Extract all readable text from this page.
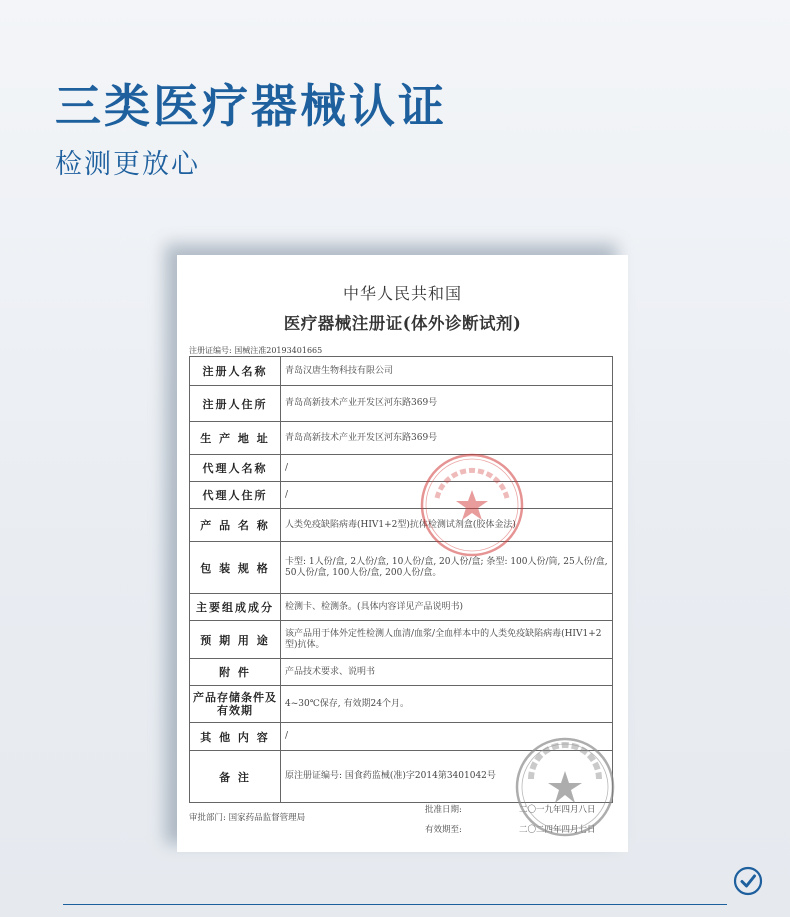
三类医疗器械认证
检测更放心
中华人民共和国
医疗器械注册证(体外诊断试剂)
注册证编号: 国械注准20193401665
注册人名称	青岛汉唐生物科技有限公司
注册人住所	青岛高新技术产业开发区河东路369号
生 产 地 址	青岛高新技术产业开发区河东路369号
代理人名称	/
代理人住所	/
产 品 名 称	人类免疫缺陷病毒(HIV1+2型)抗体检测试剂盒(胶体金法)
包 装 规 格	卡型: 1人份/盒, 2人份/盒, 10人份/盒, 20人份/盒; 条型: 100人份/筒, 25人份/盒, 50人份/盒, 100人份/盒, 200人份/盒。
主要组成成分	检测卡、检测条。(具体内容详见产品说明书)
预 期 用 途	该产品用于体外定性检测人血清/血浆/全血样本中的人类免疫缺陷病毒(HIV1+2型)抗体。
附 件	产品技术要求、说明书
产品存储条件及有效期	4~30℃保存, 有效期24个月。
其 他 内 容	/
备 注	原注册证编号: 国食药监械(准)字2014第3401042号
审批部门: 国家药品监督管理局
批准日期:	二〇一九年四月八日
有效期至:	二〇二四年四月七日
